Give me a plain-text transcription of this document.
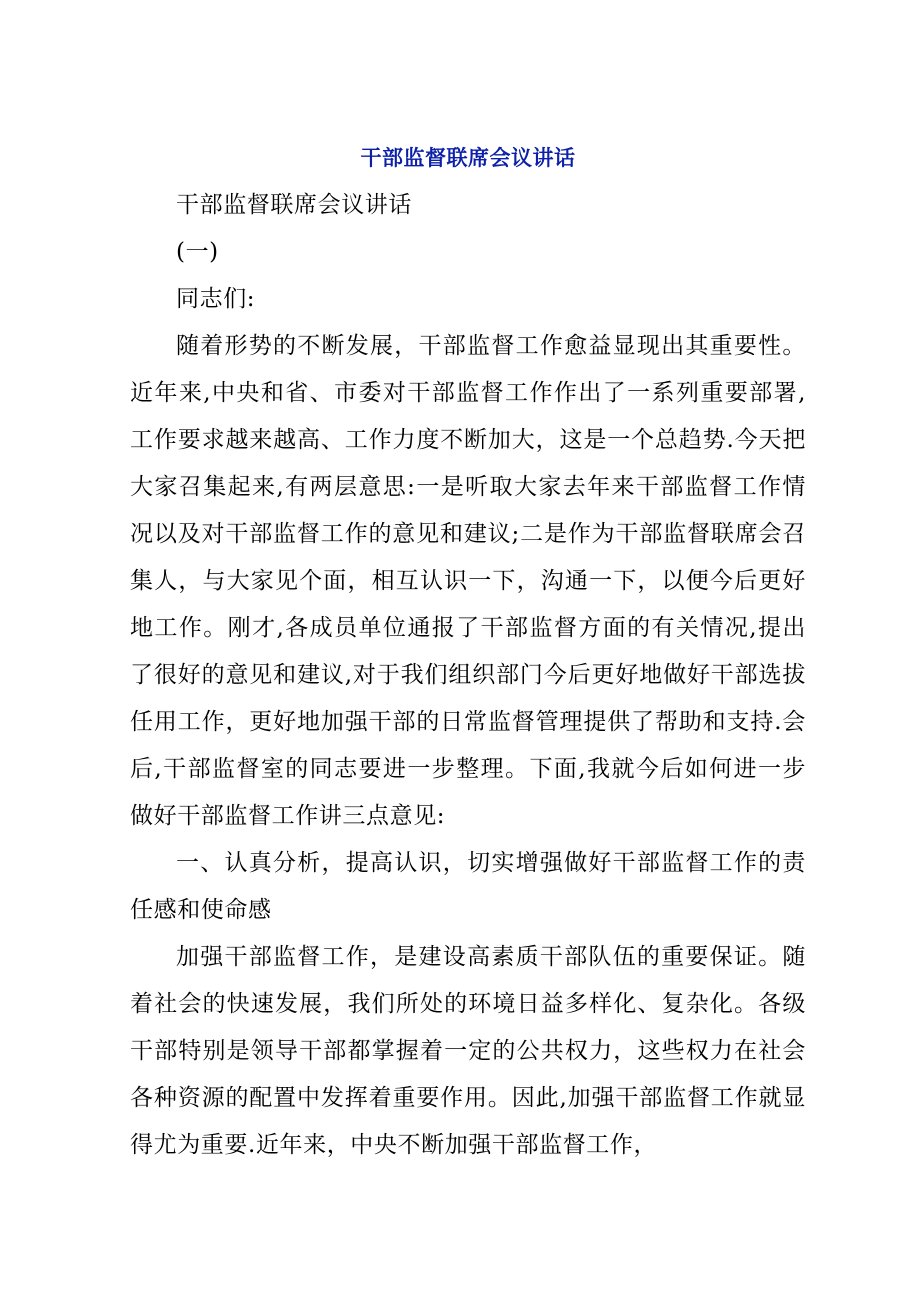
干部监督联席会议讲话

干部监督联席会议讲话

(一)

同志们:

随着形势的不断发展，干部监督工作愈益显现出其重要性。近年来,中央和省、市委对干部监督工作作出了一系列重要部署,工作要求越来越高、工作力度不断加大，这是一个总趋势.今天把大家召集起来,有两层意思:一是听取大家去年来干部监督工作情况以及对干部监督工作的意见和建议;二是作为干部监督联席会召集人，与大家见个面，相互认识一下，沟通一下，以便今后更好地工作。刚才,各成员单位通报了干部监督方面的有关情况,提出了很好的意见和建议,对于我们组织部门今后更好地做好干部选拔任用工作，更好地加强干部的日常监督管理提供了帮助和支持.会后,干部监督室的同志要进一步整理。下面,我就今后如何进一步做好干部监督工作讲三点意见:

一、认真分析，提高认识，切实增强做好干部监督工作的责任感和使命感

加强干部监督工作，是建设高素质干部队伍的重要保证。随着社会的快速发展，我们所处的环境日益多样化、复杂化。各级干部特别是领导干部都掌握着一定的公共权力，这些权力在社会各种资源的配置中发挥着重要作用。因此,加强干部监督工作就显得尤为重要.近年来，中央不断加强干部监督工作，
